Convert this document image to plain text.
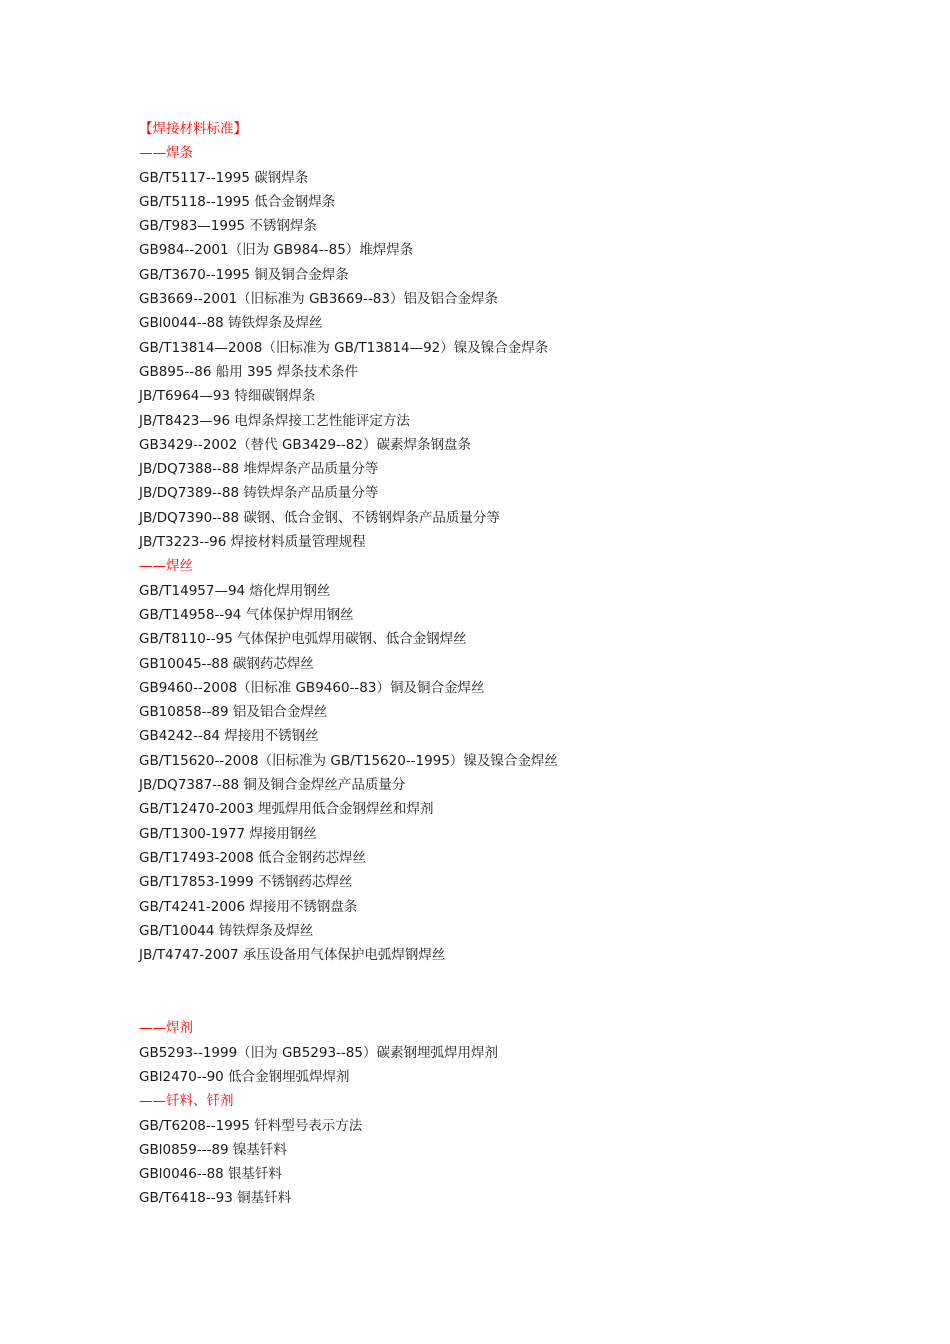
【焊接材料标准】
——焊条
GB/T5117--1995 碳钢焊条
GB/T5118--1995 低合金钢焊条
GB/T983—1995 不锈钢焊条
GB984--2001（旧为 GB984--85）堆焊焊条
GB/T3670--1995 铜及铜合金焊条
GB3669--2001（旧标准为 GB3669--83）铝及铝合金焊条
GBl0044--88 铸铁焊条及焊丝
GB/T13814—2008（旧标准为 GB/T13814—92）镍及镍合金焊条
GB895--86 船用 395 焊条技术条件
JB/T6964—93 特细碳钢焊条
JB/T8423—96 电焊条焊接工艺性能评定方法
GB3429--2002（替代 GB3429--82）碳素焊条钢盘条
JB/DQ7388--88 堆焊焊条产品质量分等
JB/DQ7389--88 铸铁焊条产品质量分等
JB/DQ7390--88 碳钢、低合金钢、不锈钢焊条产品质量分等
JB/T3223--96 焊接材料质量管理规程
——焊丝
GB/T14957—94 熔化焊用钢丝
GB/T14958--94 气体保护焊用钢丝
GB/T8110--95 气体保护电弧焊用碳钢、低合金钢焊丝
GB10045--88 碳钢药芯焊丝
GB9460--2008（旧标准 GB9460--83）铜及铜合金焊丝
GB10858--89 铝及铝合金焊丝
GB4242--84 焊接用不锈钢丝
GB/T15620--2008（旧标准为 GB/T15620--1995）镍及镍合金焊丝
JB/DQ7387--88 铜及铜合金焊丝产品质量分
GB/T12470-2003 埋弧焊用低合金钢焊丝和焊剂
GB/T1300-1977 焊接用钢丝
GB/T17493-2008 低合金钢药芯焊丝
GB/T17853-1999 不锈钢药芯焊丝
GB/T4241-2006 焊接用不锈钢盘条
GB/T10044 铸铁焊条及焊丝
JB/T4747-2007 承压设备用气体保护电弧焊钢焊丝
——焊剂
GB5293--1999（旧为 GB5293--85）碳素钢埋弧焊用焊剂
GBl2470--90 低合金钢埋弧焊焊剂
——钎料、钎剂
GB/T6208--1995 钎料型号表示方法
GBl0859---89 镍基钎料
GBl0046--88 银基钎料
GB/T6418--93 铜基钎料
